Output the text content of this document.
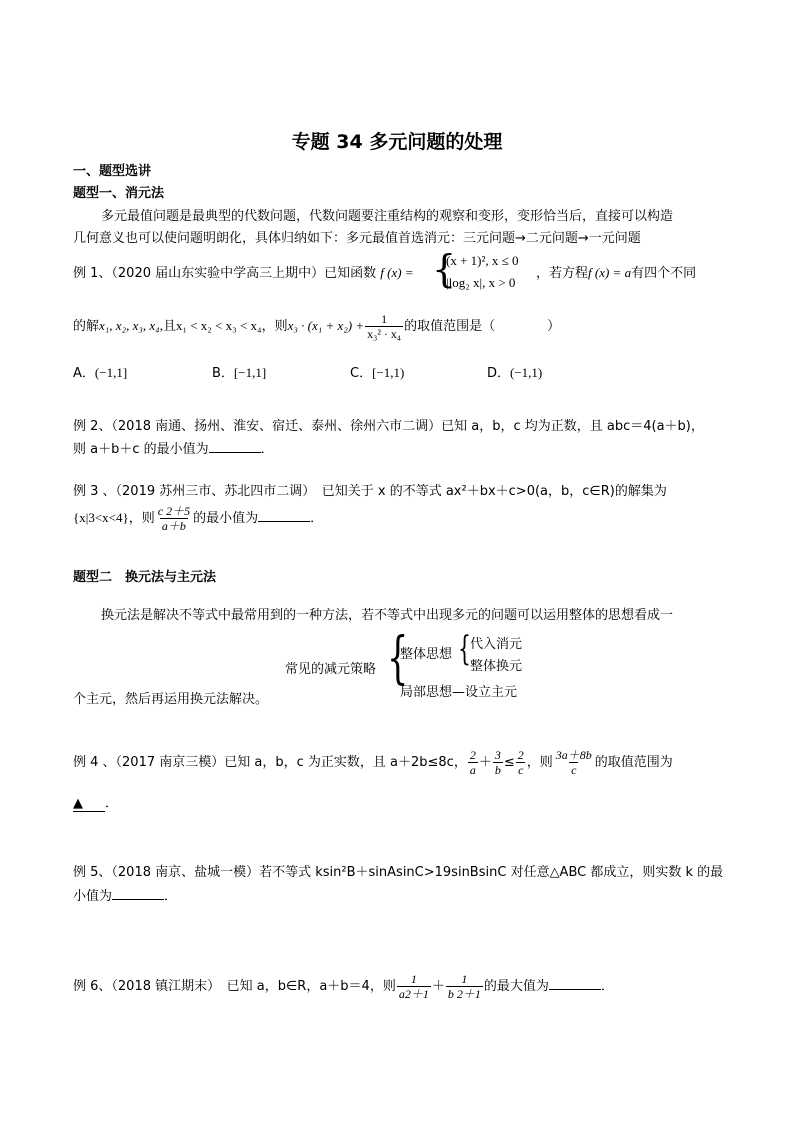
专题 34 多元问题的处理
一、题型选讲
题型一、消元法
多元最值问题是最典型的代数问题，代数问题要注重结构的观察和变形，变形恰当后，直接可以构造
几何意义也可以使问题明朗化，具体归纳如下：多元最值首选消元：三元问题→二元问题→一元问题
例 1、（2020 届山东实验中学高三上期中）已知函数 f (x) = {
(x + 1)², x ≤ 0
|log₂ x|, x > 0
，若方程f (x) = a有四个不同
的解x₁, x₂, x₃, x₄,且x₁ < x₂ < x₃ < x₄，则$x_3 \cdot (x_1 + x_2) + \frac{1}{\text{x₃² · x₄}}$ 的取值范围是（　　　　）
A．(−1,1]	B．[−1,1]	C．[−1,1)	D．(−1,1)
例 2、（2018 南通、扬州、淮安、宿迁、泰州、徐州六市二调）已知 a，b，c 均为正数，且 abc＝4(a＋b)，
则 a＋b＋c 的最小值为	．
例 3 、（2019 苏州三市、苏北四市二调）　已知关于 x 的不等式 ax²＋bx＋c>0(a，b，c∈R)的解集为
{x|3<x<4}，则 $\frac{c 2+5}{a+b}$ 的最小值为	．
题型二　换元法与主元法
换元法是解决不等式中最常用到的一种方法，若不等式中出现多元的问题可以运用整体的思想看成一
常见的减元策略 {
整体思想 { 代入消元
整体换元
局部思想—设立主元
个主元，然后再运用换元法解决。
例 4 、（2017 南京三模）已知 a，b，c 为正实数，且 a＋2b≤8c， $\frac{2}{a} + \frac{3}{b} \le \frac{2}{c}$ ，则 $\frac{3a+8b}{c}$ 的取值范围为
▲ ．
例 5、（2018 南京、盐城一模）若不等式 ksin²B＋sinAsinC>19sinBsinC 对任意△ABC 都成立，则实数 k 的最
小值为	．
例 6、（2018 镇江期末）　已知 a，b∈R，a＋b＝4，则 $\frac{1}{a2+1} + \frac{1}{b 2+1}$ 的最大值为	．
